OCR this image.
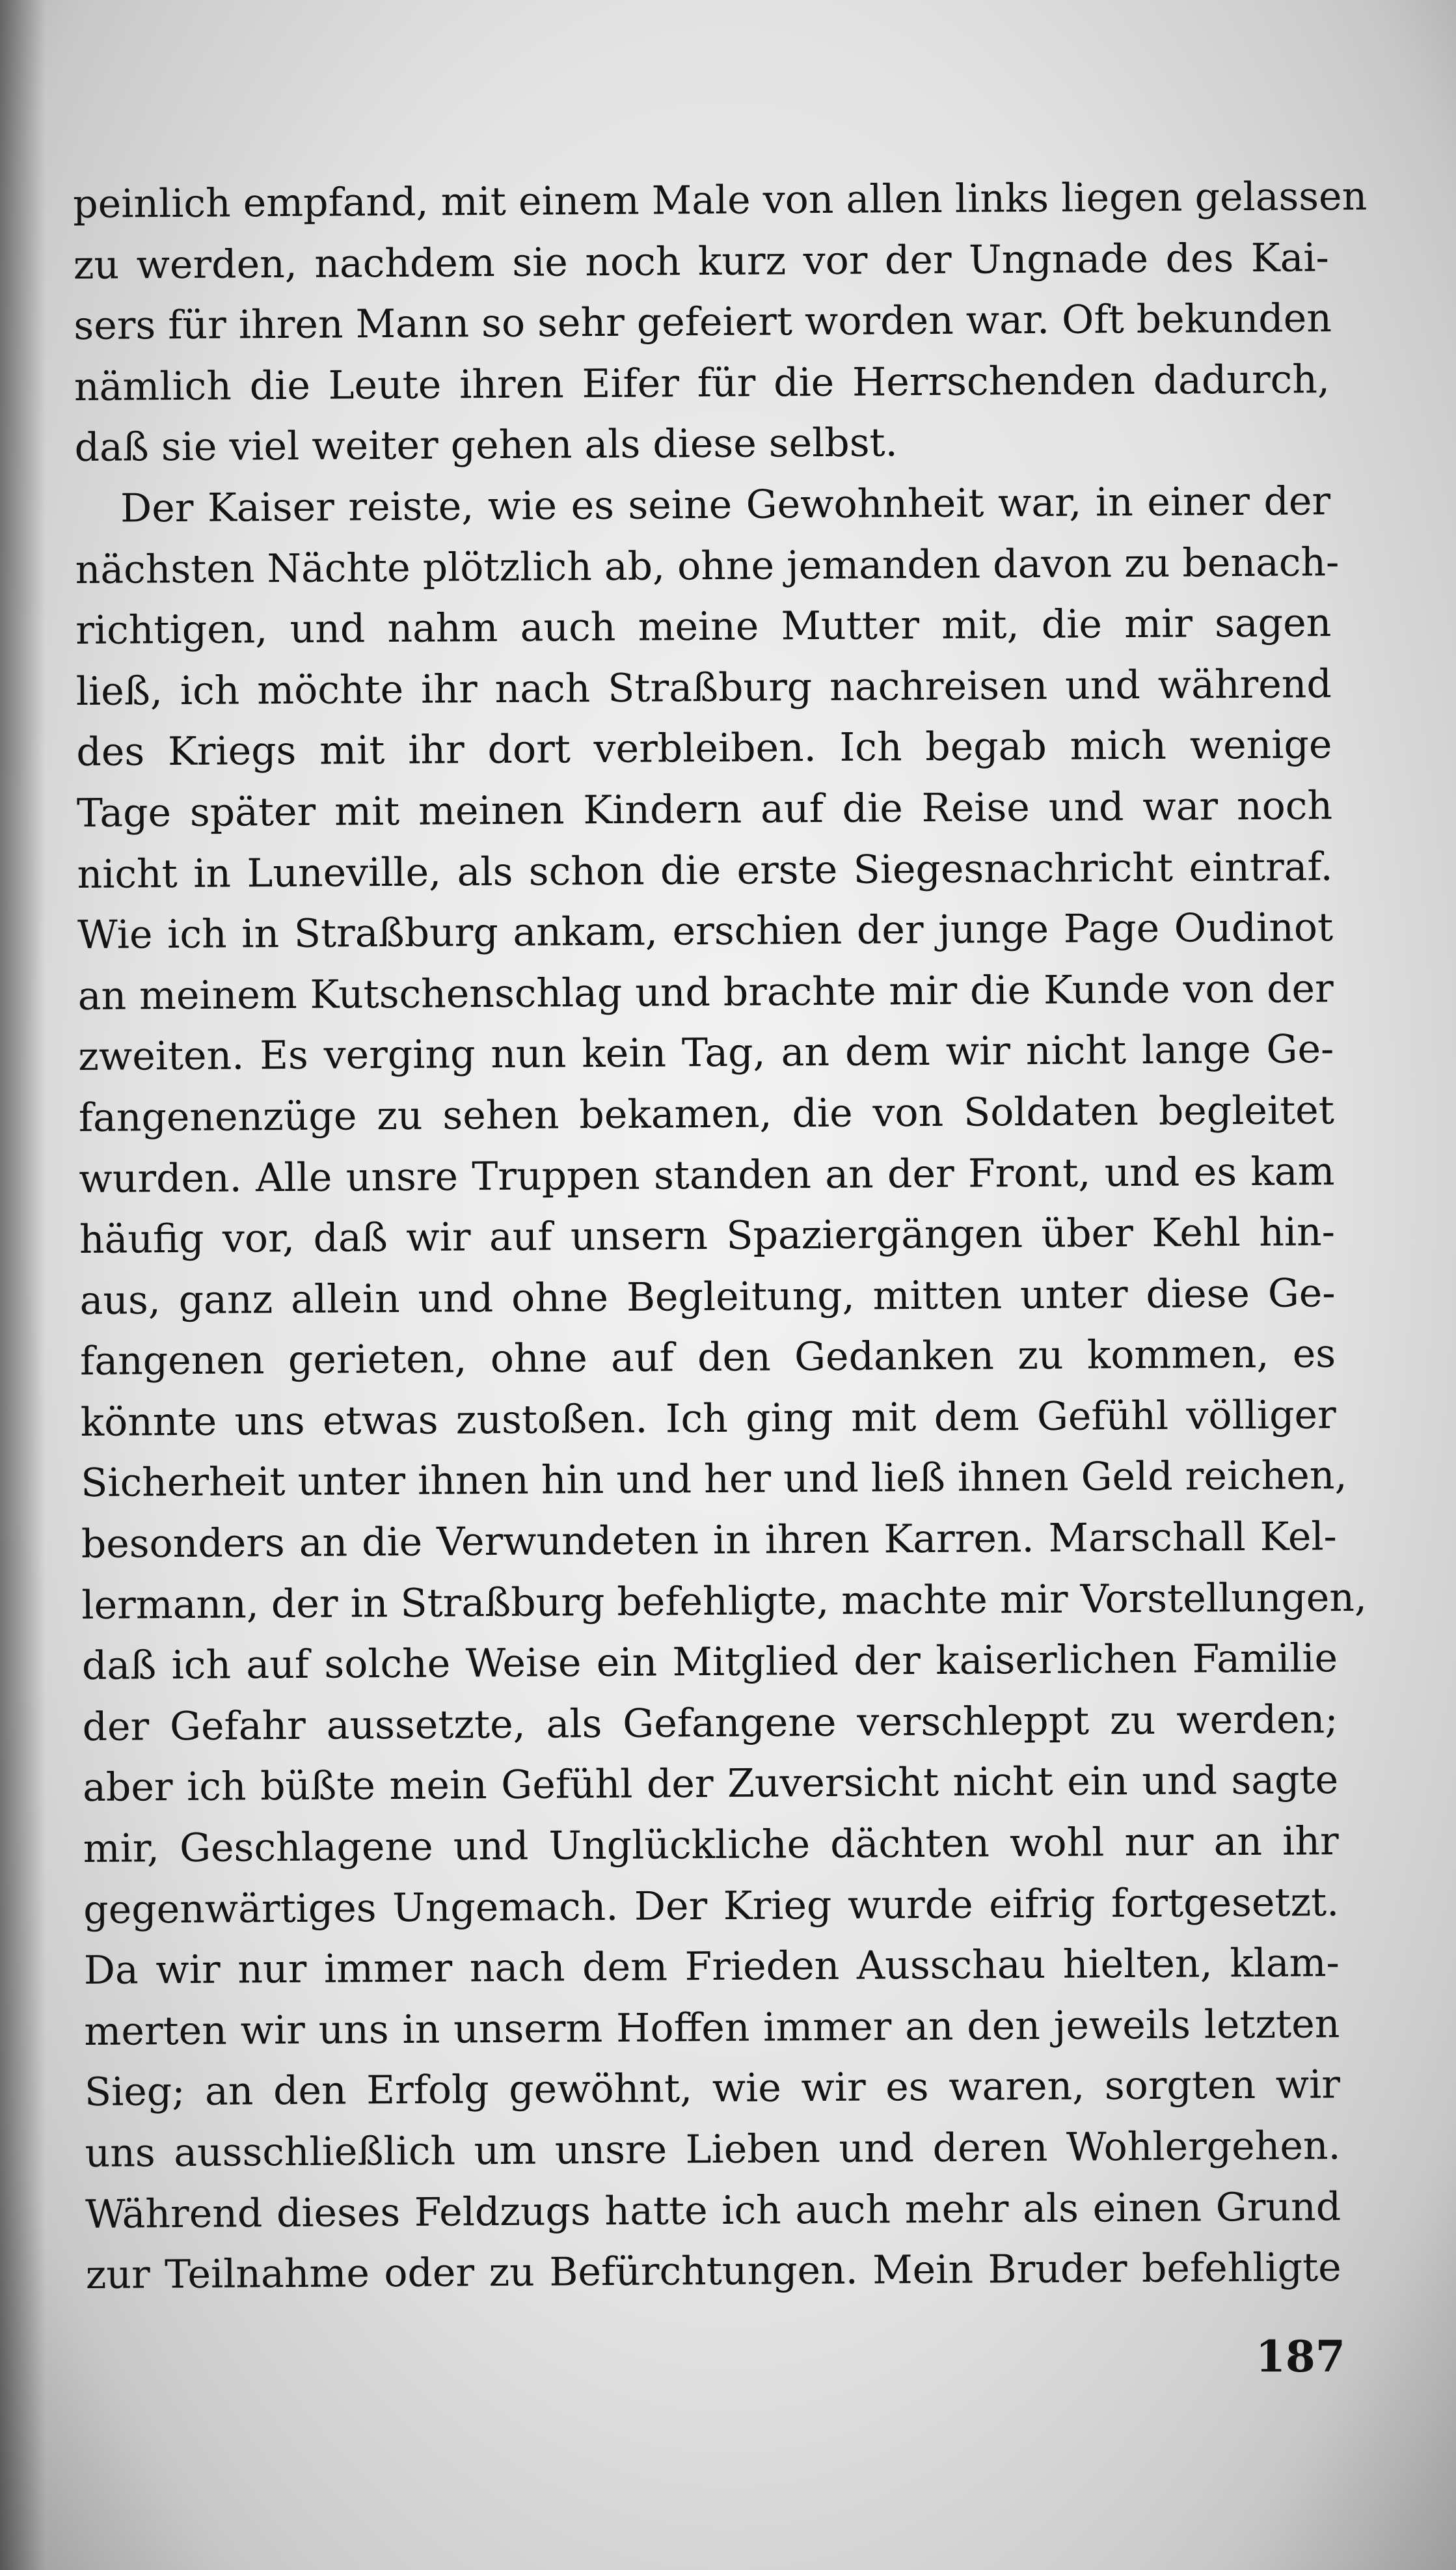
peinlich empfand, mit einem Male von allen links liegen gelassen
zu werden, nachdem sie noch kurz vor der Ungnade des Kai-
sers für ihren Mann so sehr gefeiert worden war. Oft bekunden
nämlich die Leute ihren Eifer für die Herrschenden dadurch,
daß sie viel weiter gehen als diese selbst.
Der Kaiser reiste, wie es seine Gewohnheit war, in einer der
nächsten Nächte plötzlich ab, ohne jemanden davon zu benach-
richtigen, und nahm auch meine Mutter mit, die mir sagen
ließ, ich möchte ihr nach Straßburg nachreisen und während
des Kriegs mit ihr dort verbleiben. Ich begab mich wenige
Tage später mit meinen Kindern auf die Reise und war noch
nicht in Luneville, als schon die erste Siegesnachricht eintraf.
Wie ich in Straßburg ankam, erschien der junge Page Oudinot
an meinem Kutschenschlag und brachte mir die Kunde von der
zweiten. Es verging nun kein Tag, an dem wir nicht lange Ge-
fangenenzüge zu sehen bekamen, die von Soldaten begleitet
wurden. Alle unsre Truppen standen an der Front, und es kam
häufig vor, daß wir auf unsern Spaziergängen über Kehl hin-
aus, ganz allein und ohne Begleitung, mitten unter diese Ge-
fangenen gerieten, ohne auf den Gedanken zu kommen, es
könnte uns etwas zustoßen. Ich ging mit dem Gefühl völliger
Sicherheit unter ihnen hin und her und ließ ihnen Geld reichen,
besonders an die Verwundeten in ihren Karren. Marschall Kel-
lermann, der in Straßburg befehligte, machte mir Vorstellungen,
daß ich auf solche Weise ein Mitglied der kaiserlichen Familie
der Gefahr aussetzte, als Gefangene verschleppt zu werden;
aber ich büßte mein Gefühl der Zuversicht nicht ein und sagte
mir, Geschlagene und Unglückliche dächten wohl nur an ihr
gegenwärtiges Ungemach. Der Krieg wurde eifrig fortgesetzt.
Da wir nur immer nach dem Frieden Ausschau hielten, klam-
merten wir uns in unserm Hoffen immer an den jeweils letzten
Sieg; an den Erfolg gewöhnt, wie wir es waren, sorgten wir
uns ausschließlich um unsre Lieben und deren Wohlergehen.
Während dieses Feldzugs hatte ich auch mehr als einen Grund
zur Teilnahme oder zu Befürchtungen. Mein Bruder befehligte
187
